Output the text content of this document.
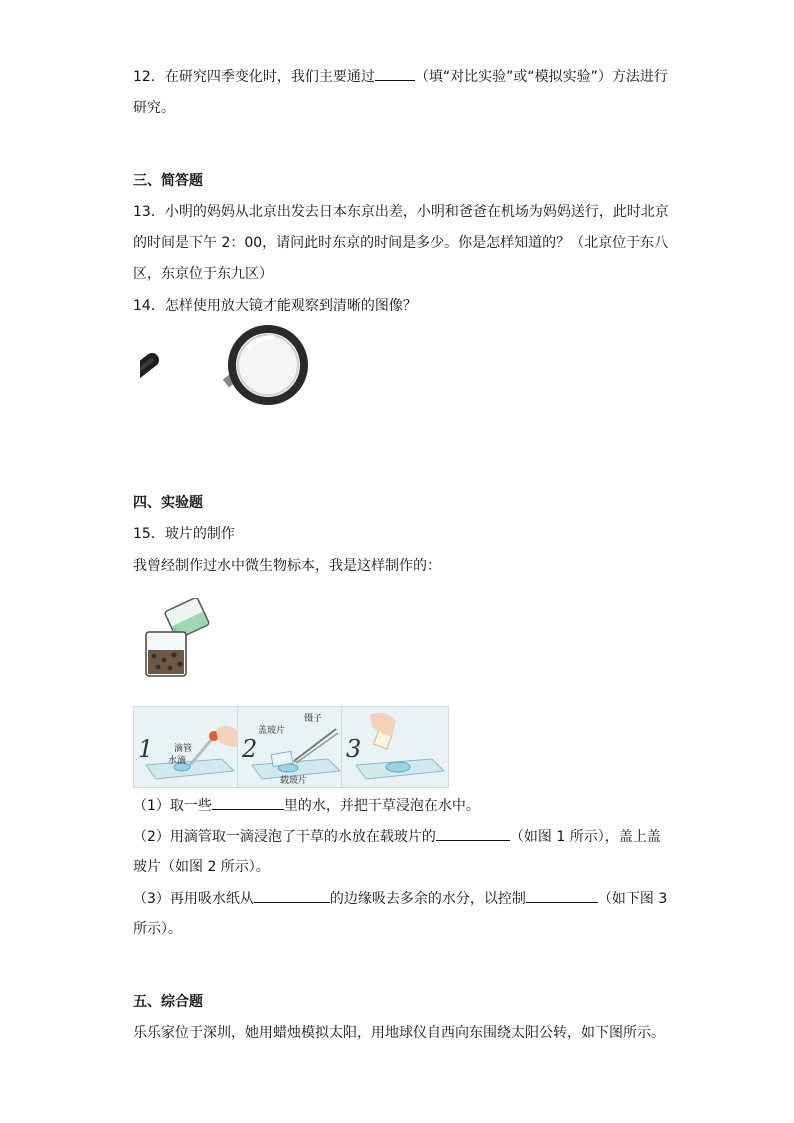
12．在研究四季变化时，我们主要通过	（填“对比实验”或“模拟实验”）方法进行
研究。
三、简答题
13．小明的妈妈从北京出发去日本东京出差，小明和爸爸在机场为妈妈送行，此时北京
的时间是下午 2：00，请问此时东京的时间是多少。你是怎样知道的？（北京位于东八
区，东京位于东九区）
14．怎样使用放大镜才能观察到清晰的图像？
四、实验题
15．玻片的制作
我曾经制作过水中微生物标本，我是这样制作的：
1 滴管
水滴 2
盖玻片
镊子
载玻片
3
（1）取一些	里的水，并把干草浸泡在水中。
（2）用滴管取一滴浸泡了干草的水放在载玻片的	（如图 1 所示），盖上盖
玻片（如图 2 所示）。
（3）再用吸水纸从	的边缘吸去多余的水分，以控制	（如下图 3
所示）。
五、综合题
乐乐家位于深圳，她用蜡烛模拟太阳，用地球仪自西向东围绕太阳公转，如下图所示。
